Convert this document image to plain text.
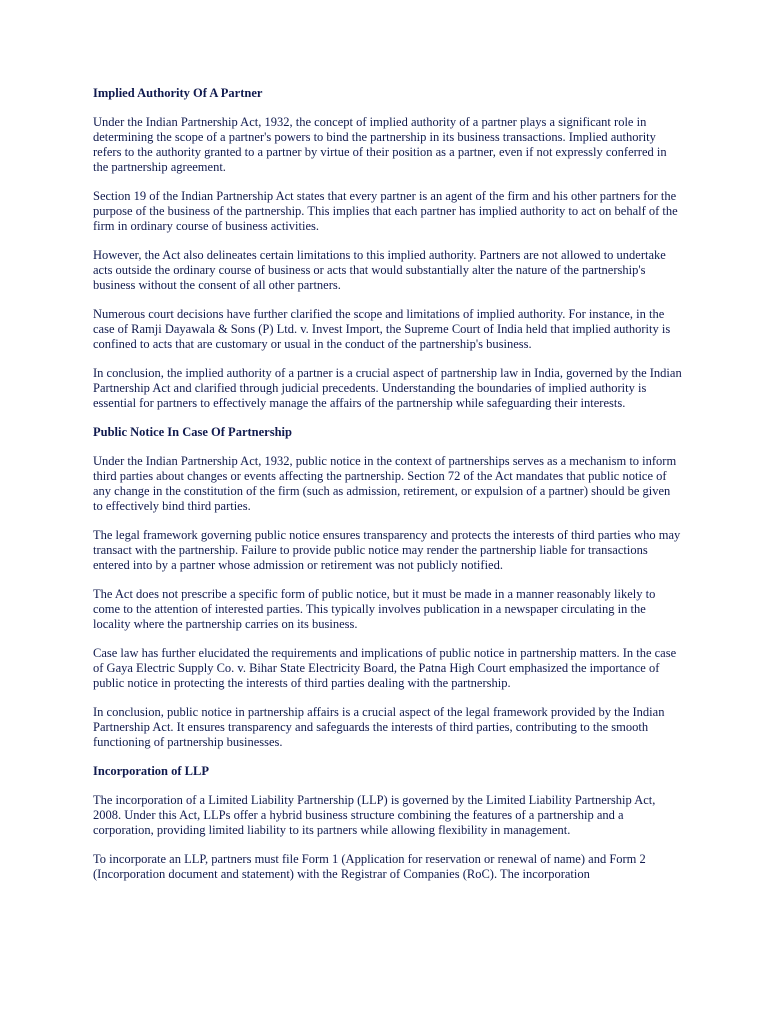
Implied Authority Of A Partner
Under the Indian Partnership Act, 1932, the concept of implied authority of a partner plays a significant role in determining the scope of a partner's powers to bind the partnership in its business transactions. Implied authority refers to the authority granted to a partner by virtue of their position as a partner, even if not expressly conferred in the partnership agreement.
Section 19 of the Indian Partnership Act states that every partner is an agent of the firm and his other partners for the purpose of the business of the partnership. This implies that each partner has implied authority to act on behalf of the firm in ordinary course of business activities.
However, the Act also delineates certain limitations to this implied authority. Partners are not allowed to undertake acts outside the ordinary course of business or acts that would substantially alter the nature of the partnership's business without the consent of all other partners.
Numerous court decisions have further clarified the scope and limitations of implied authority. For instance, in the case of Ramji Dayawala & Sons (P) Ltd. v. Invest Import, the Supreme Court of India held that implied authority is confined to acts that are customary or usual in the conduct of the partnership's business.
In conclusion, the implied authority of a partner is a crucial aspect of partnership law in India, governed by the Indian Partnership Act and clarified through judicial precedents. Understanding the boundaries of implied authority is essential for partners to effectively manage the affairs of the partnership while safeguarding their interests.
Public Notice In Case Of Partnership
Under the Indian Partnership Act, 1932, public notice in the context of partnerships serves as a mechanism to inform third parties about changes or events affecting the partnership. Section 72 of the Act mandates that public notice of any change in the constitution of the firm (such as admission, retirement, or expulsion of a partner) should be given to effectively bind third parties.
The legal framework governing public notice ensures transparency and protects the interests of third parties who may transact with the partnership. Failure to provide public notice may render the partnership liable for transactions entered into by a partner whose admission or retirement was not publicly notified.
The Act does not prescribe a specific form of public notice, but it must be made in a manner reasonably likely to come to the attention of interested parties. This typically involves publication in a newspaper circulating in the locality where the partnership carries on its business.
Case law has further elucidated the requirements and implications of public notice in partnership matters. In the case of Gaya Electric Supply Co. v. Bihar State Electricity Board, the Patna High Court emphasized the importance of public notice in protecting the interests of third parties dealing with the partnership.
In conclusion, public notice in partnership affairs is a crucial aspect of the legal framework provided by the Indian Partnership Act. It ensures transparency and safeguards the interests of third parties, contributing to the smooth functioning of partnership businesses.
Incorporation of LLP
The incorporation of a Limited Liability Partnership (LLP) is governed by the Limited Liability Partnership Act, 2008. Under this Act, LLPs offer a hybrid business structure combining the features of a partnership and a corporation, providing limited liability to its partners while allowing flexibility in management.
To incorporate an LLP, partners must file Form 1 (Application for reservation or renewal of name) and Form 2 (Incorporation document and statement) with the Registrar of Companies (RoC). The incorporation
